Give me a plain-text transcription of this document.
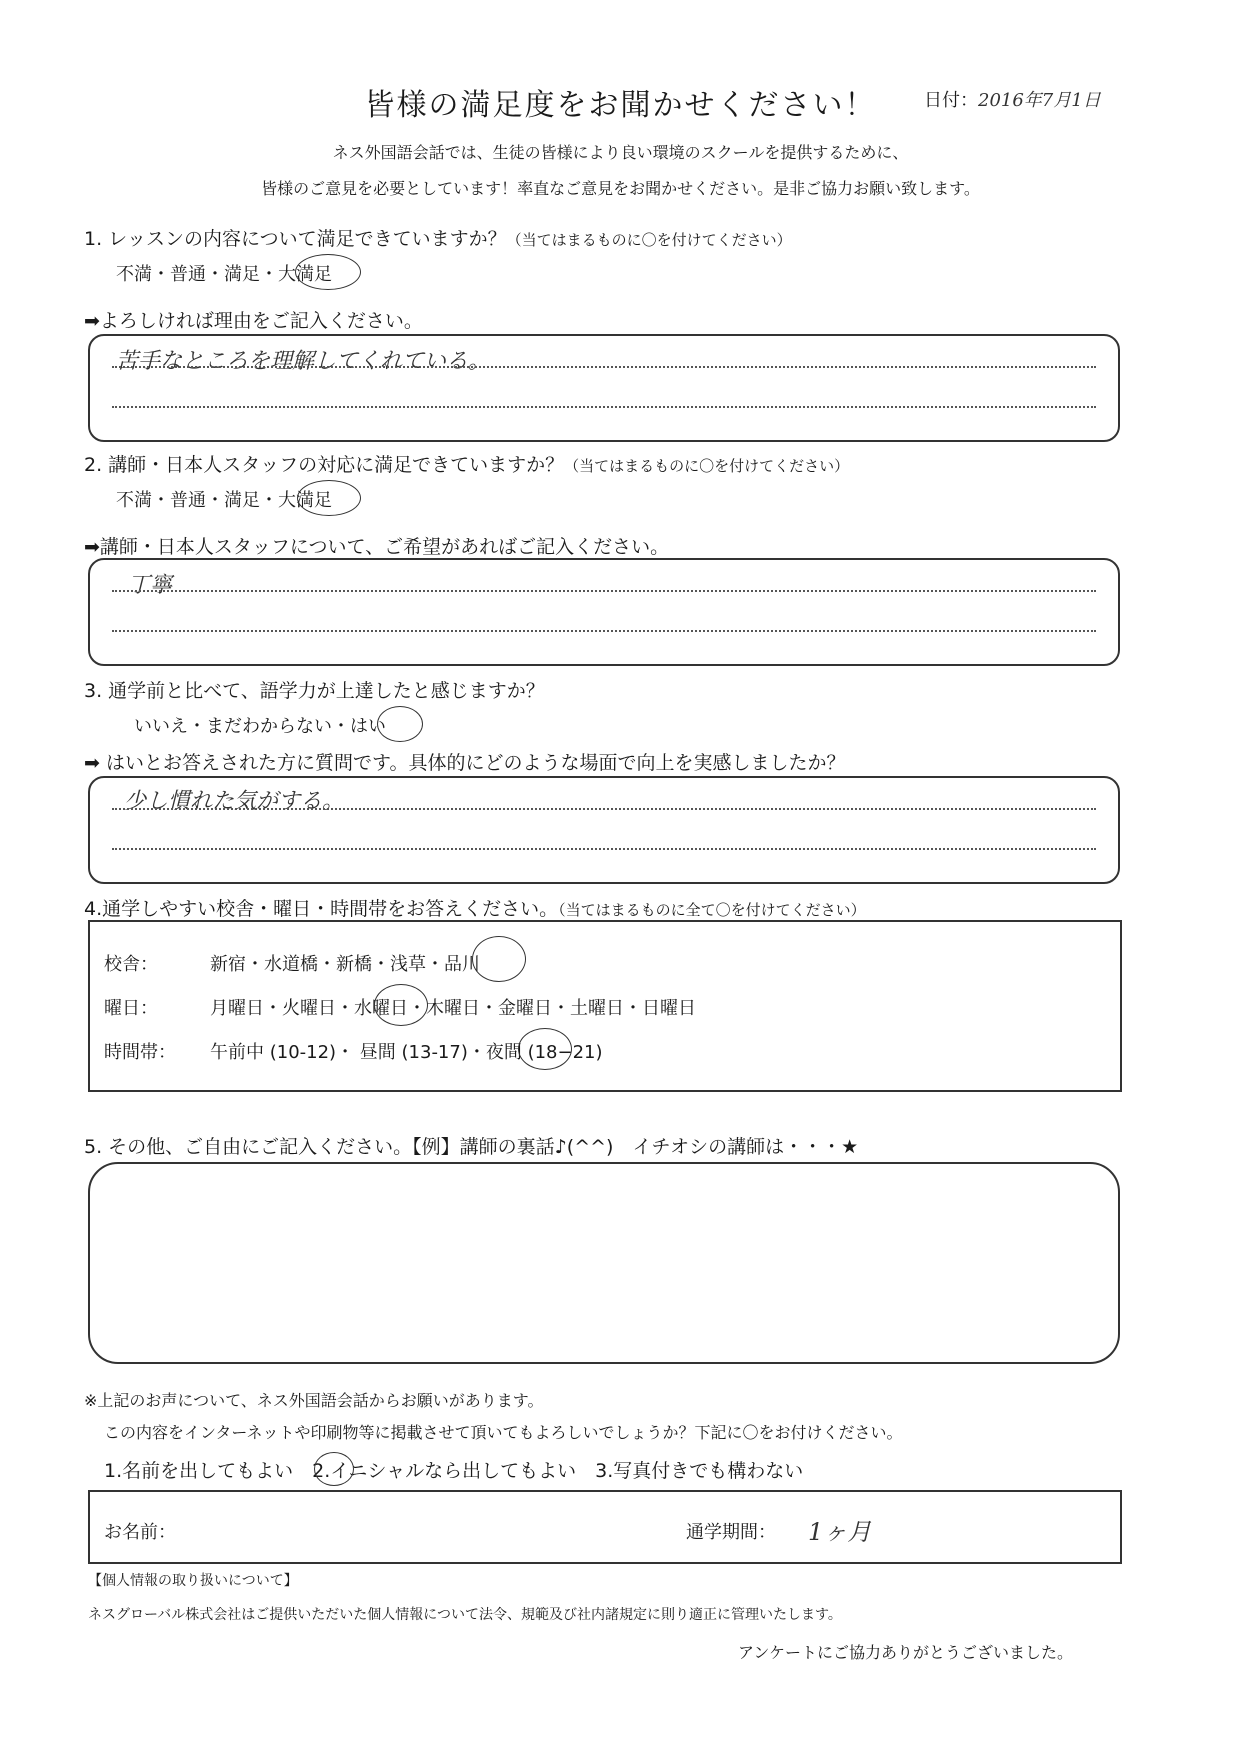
皆様の満足度をお聞かせください！	日付：2016年7月1日
ネス外国語会話では、生徒の皆様により良い環境のスクールを提供するために、
皆様のご意見を必要としています！率直なご意見をお聞かせください。是非ご協力お願い致します。
1. レッスンの内容について満足できていますか？（当てはまるものに〇を付けてください）
不満・普通・満足・大満足
➡よろしければ理由をご記入ください。
苦手なところを理解してくれている。
2. 講師・日本人スタッフの対応に満足できていますか？（当てはまるものに〇を付けてください）
不満・普通・満足・大満足
➡講師・日本人スタッフについて、ご希望があればご記入ください。
丁寧
3. 通学前と比べて、語学力が上達したと感じますか？
いいえ・まだわからない・はい
➡ はいとお答えされた方に質問です。具体的にどのような場面で向上を実感しましたか？
少し慣れた気がする。
4.通学しやすい校舎・曜日・時間帯をお答えください。（当てはまるものに全て〇を付けてください）
校舎：	新宿・水道橋・新橋・浅草・品川
曜日：	月曜日・火曜日・水曜日・木曜日・金曜日・土曜日・日曜日
時間帯： 午前中 (10-12)・ 昼間 (13-17)・夜間 (18−21)
5. その他、ご自由にご記入ください。【例】講師の裏話♪(^^)　イチオシの講師は・・・★
※上記のお声について、ネス外国語会話からお願いがあります。
この内容をインターネットや印刷物等に掲載させて頂いてもよろしいでしょうか？下記に〇をお付けください。
1.名前を出してもよい　2.イニシャルなら出してもよい　3.写真付きでも構わない
お名前：	通学期間： 1ヶ月
【個人情報の取り扱いについて】
ネスグローバル株式会社はご提供いただいた個人情報について法令、規範及び社内諸規定に則り適正に管理いたします。
アンケートにご協力ありがとうございました。
